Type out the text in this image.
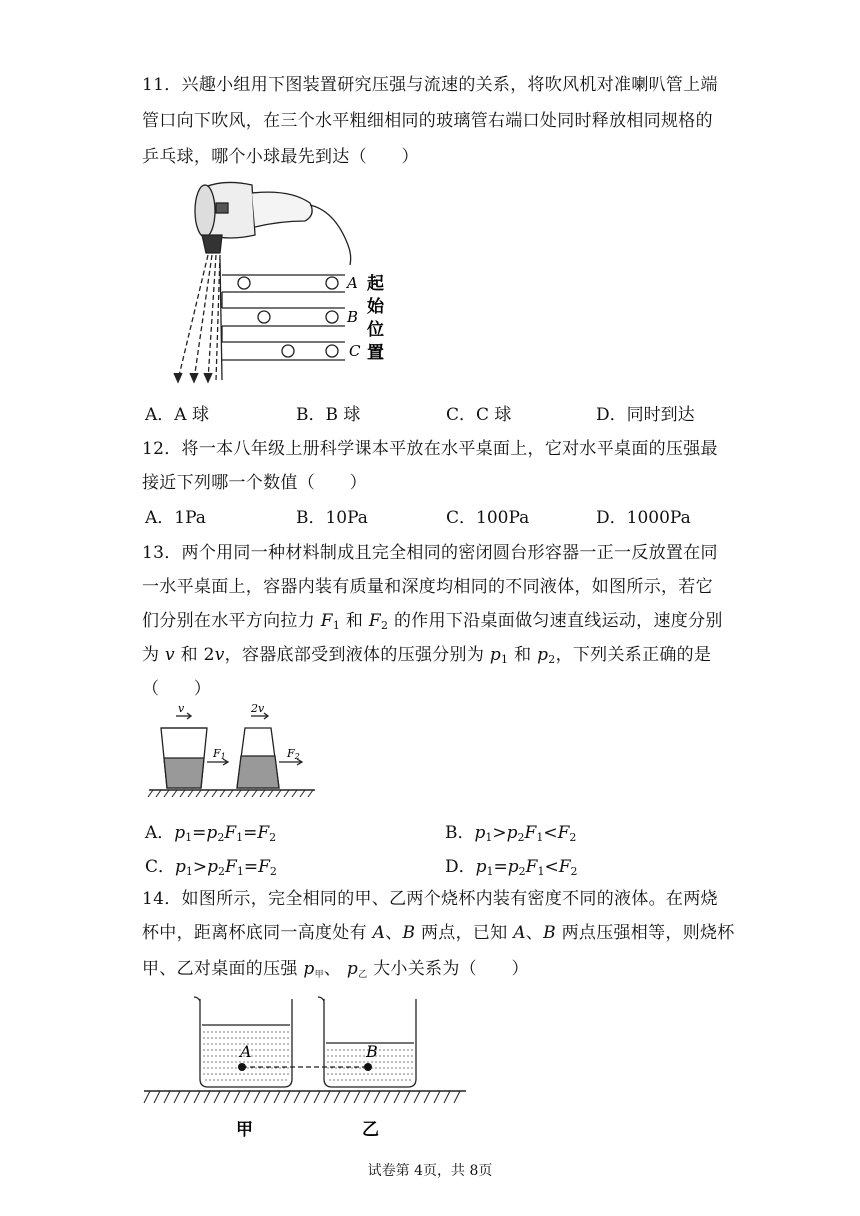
11．兴趣小组用下图装置研究压强与流速的关系，将吹风机对准喇叭管上端
管口向下吹风，在三个水平粗细相同的玻璃管右端口处同时释放相同规格的
乒乓球，哪个小球最先到达（　　）
A
B
C
起
始
位
置
A．A 球	B．B 球	C．C 球	D．同时到达
12．将一本八年级上册科学课本平放在水平桌面上，它对水平桌面的压强最
接近下列哪一个数值（　　）
A．1Pa	B．10Pa	C．100Pa	D．1000Pa
13．两个用同一种材料制成且完全相同的密闭圆台形容器一正一反放置在同
一水平桌面上，容器内装有质量和深度均相同的不同液体，如图所示，若它
们分别在水平方向拉力 $F_1$ 和 $F_2$ 的作用下沿桌面做匀速直线运动，速度分别
为 v 和 2v，容器底部受到液体的压强分别为 $p_1$ 和 $p_2$，下列关系正确的是
（　　）
v	2v
F1	F2
A．$p_1=p_2F_1=F_2$	B．$p_1>p_2F_1<F_2$
C．$p_1>p_2F_1=F_2$	D．$p_1=p_2F_1<F_2$
14．如图所示，完全相同的甲、乙两个烧杯内装有密度不同的液体。在两烧
杯中，距离杯底同一高度处有 A、B 两点，已知 A、B 两点压强相等，则烧杯
甲、乙对桌面的压强 $p_甲$、 $p_乙$ 大小关系为（　　）
A	B
甲	乙
试卷第 4页，共 8页
